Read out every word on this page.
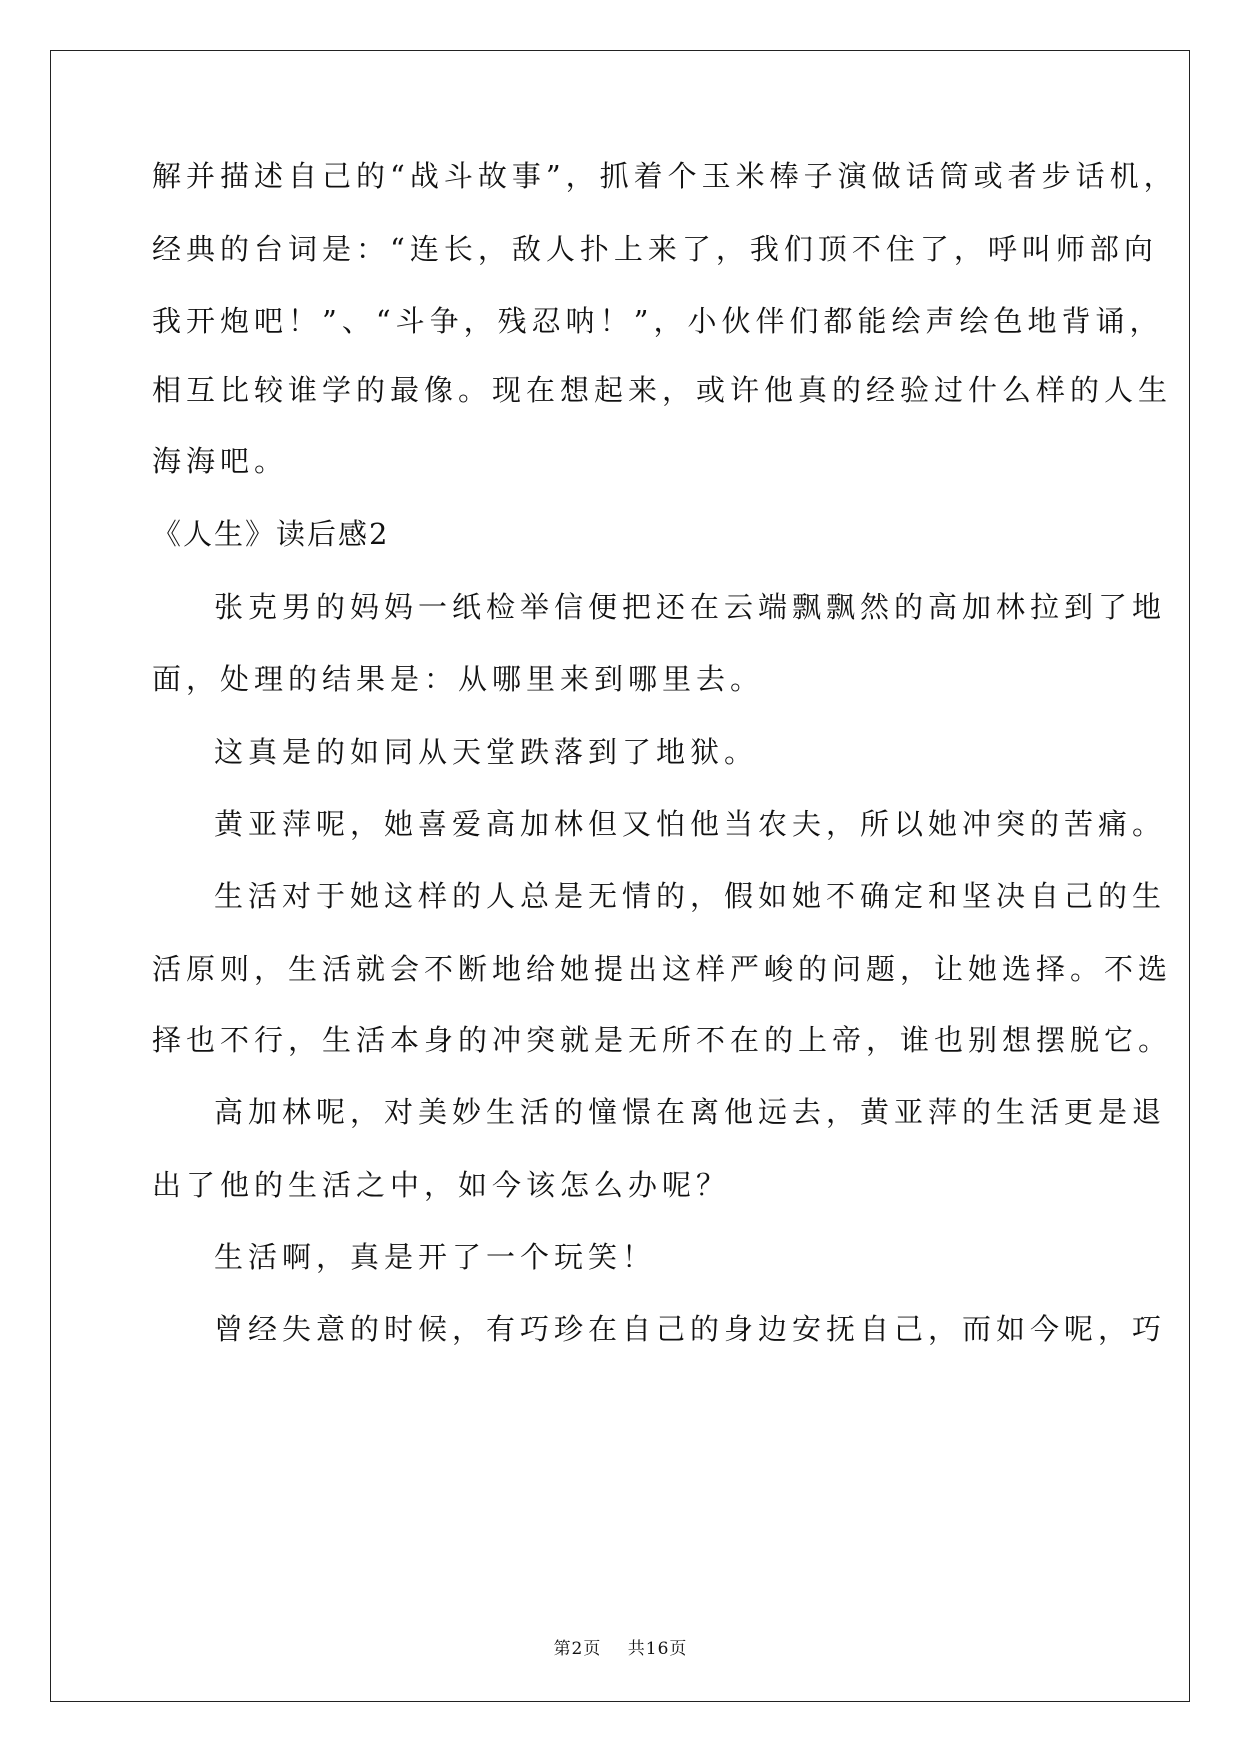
解并描述自己的“战斗故事”，抓着个玉米棒子演做话筒或者步话机，
经典的台词是：“连长，敌人扑上来了，我们顶不住了，呼叫师部向
我开炮吧！”、“斗争，残忍呐！”，小伙伴们都能绘声绘色地背诵，
相互比较谁学的最像。现在想起来，或许他真的经验过什么样的人生
海海吧。
《人生》读后感2
张克男的妈妈一纸检举信便把还在云端飘飘然的高加林拉到了地
面，处理的结果是：从哪里来到哪里去。
这真是的如同从天堂跌落到了地狱。
黄亚萍呢，她喜爱高加林但又怕他当农夫，所以她冲突的苦痛。
生活对于她这样的人总是无情的，假如她不确定和坚决自己的生
活原则，生活就会不断地给她提出这样严峻的问题，让她选择。不选
择也不行，生活本身的冲突就是无所不在的上帝，谁也别想摆脱它。
高加林呢，对美妙生活的憧憬在离他远去，黄亚萍的生活更是退
出了他的生活之中，如今该怎么办呢？
生活啊，真是开了一个玩笑！
曾经失意的时候，有巧珍在自己的身边安抚自己，而如今呢，巧
第2页 共16页
